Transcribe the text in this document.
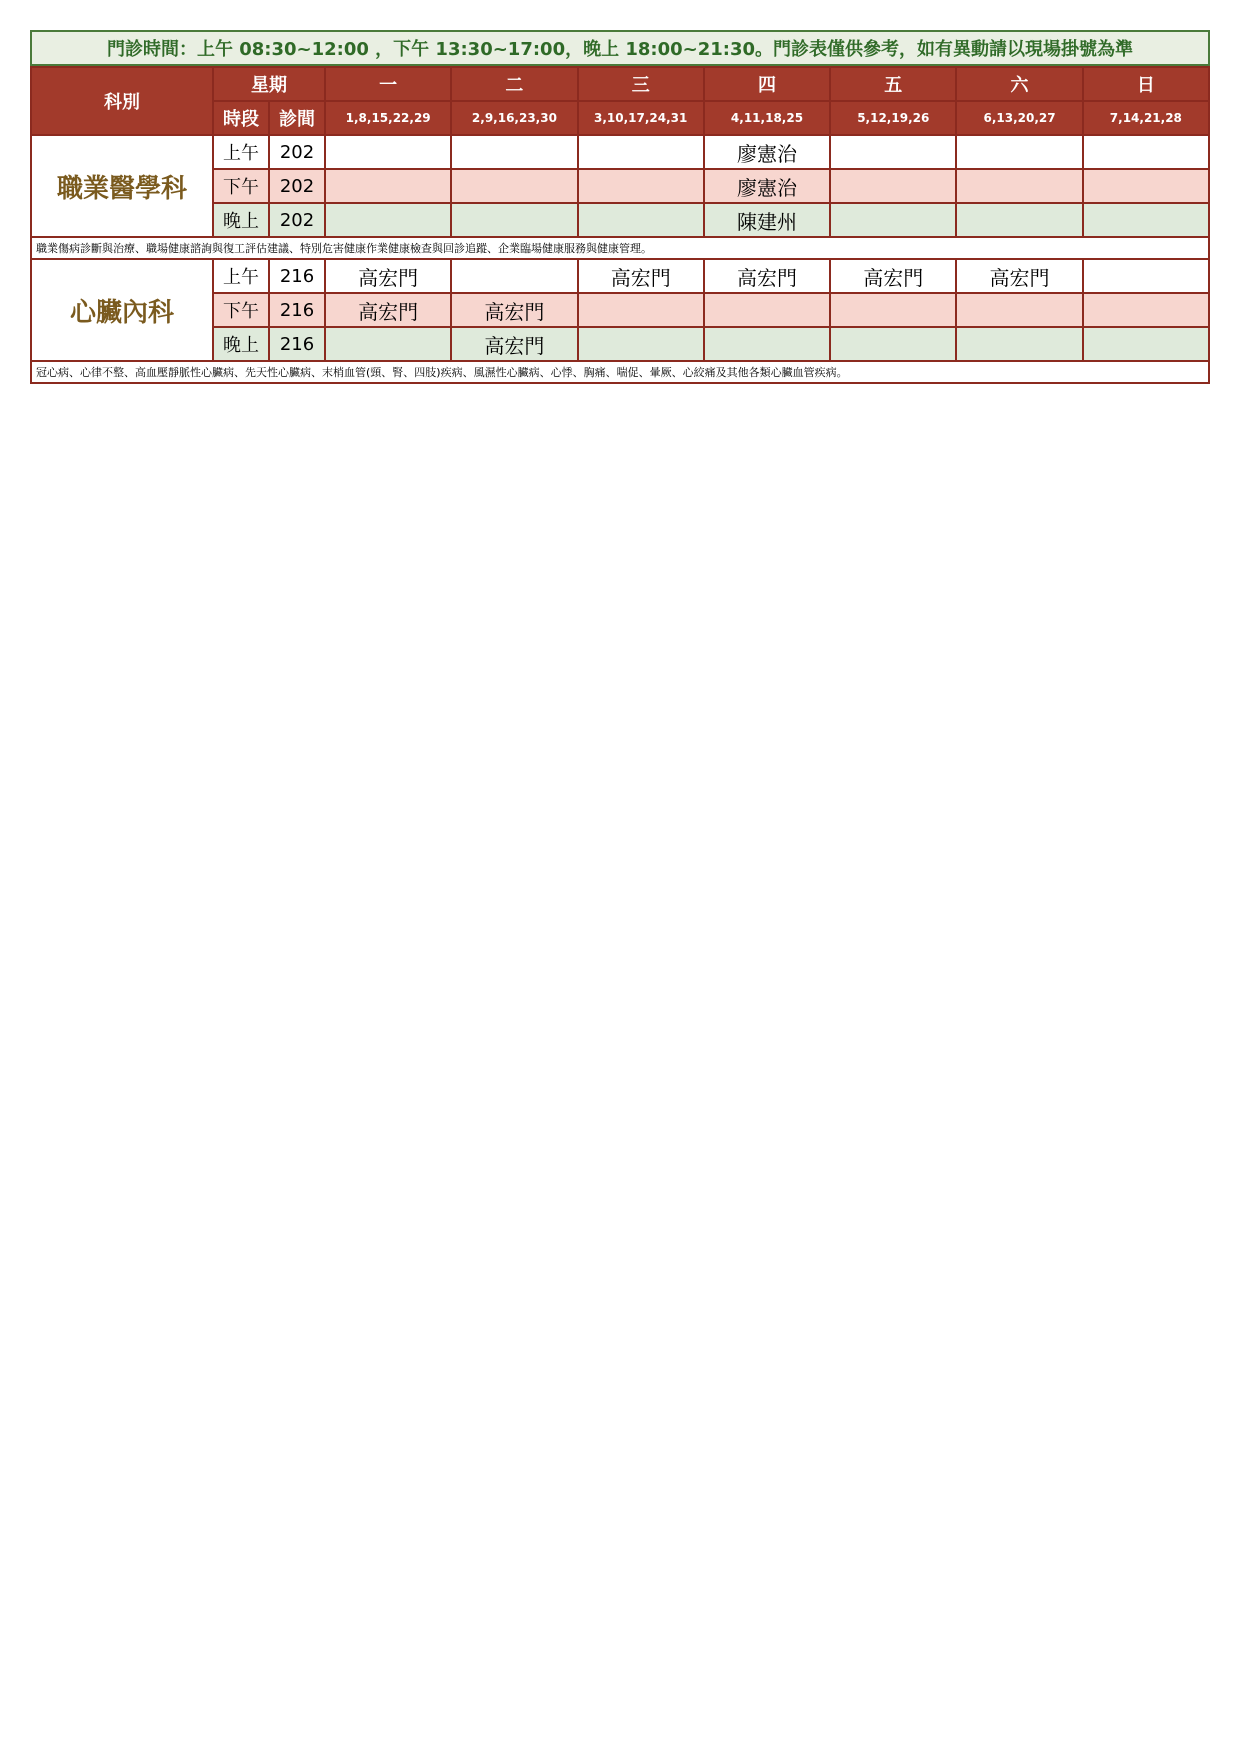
門診時間：上午 08:30~12:00 ，下午 13:30~17:00，晚上 18:00~21:30。門診表僅供參考，如有異動請以現場掛號為準
科別	星期		一	二	三	四	五	六	日
	時段	診間	1,8,15,22,29	2,9,16,23,30	3,10,17,24,31	4,11,18,25	5,12,19,26	6,13,20,27	7,14,21,28
職業醫學科	上午	202				廖憲治			
	下午	202				廖憲治			
	晚上	202				陳建州			
職業傷病診斷與治療、職場健康諮詢與復工評估建議、特別危害健康作業健康檢查與回診追蹤、企業臨場健康服務與健康管理。									
心臟內科	上午	216	高宏門		高宏門	高宏門	高宏門	高宏門	
	下午	216	高宏門	高宏門					
	晚上	216		高宏門					
冠心病、心律不整、高血壓靜脈性心臟病、先天性心臟病、末梢血管(頸、腎、四肢)疾病、風濕性心臟病、心悸、胸痛、喘促、暈厥、心絞痛及其他各類心臟血管疾病。									
